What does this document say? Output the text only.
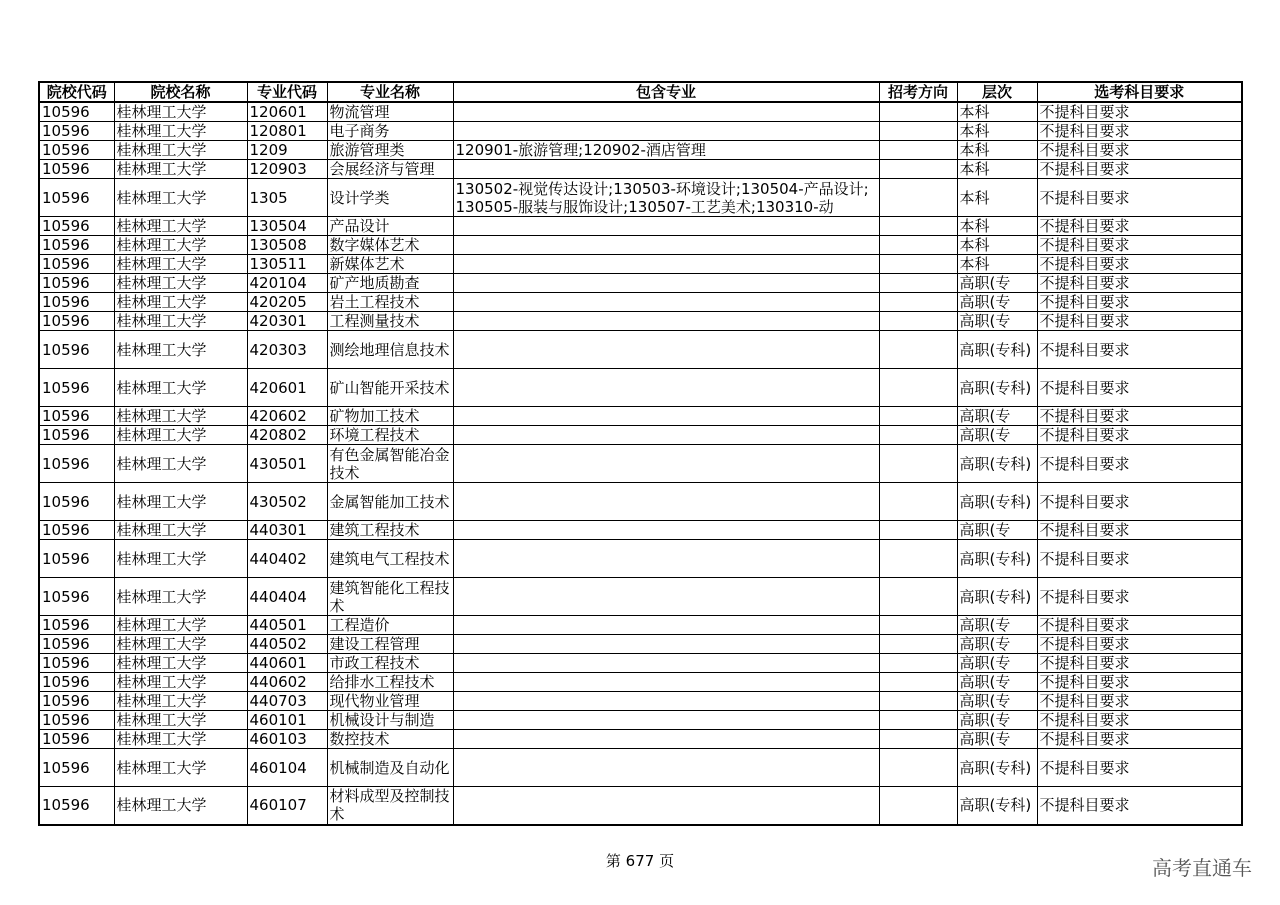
院校代码	院校名称	专业代码	专业名称	包含专业	招考方向	层次	选考科目要求
10596	桂林理工大学	120601	物流管理			本科	不提科目要求
10596	桂林理工大学	120801	电子商务			本科	不提科目要求
10596	桂林理工大学	1209	旅游管理类	120901-旅游管理;120902-酒店管理		本科	不提科目要求
10596	桂林理工大学	120903	会展经济与管理			本科	不提科目要求
10596	桂林理工大学	1305	设计学类	130502-视觉传达设计;130503-环境设计;130504-产品设计;130505-服装与服饰设计;130507-工艺美术;130310-动		本科	不提科目要求
10596	桂林理工大学	130504	产品设计			本科	不提科目要求
10596	桂林理工大学	130508	数字媒体艺术			本科	不提科目要求
10596	桂林理工大学	130511	新媒体艺术			本科	不提科目要求
10596	桂林理工大学	420104	矿产地质勘查			高职(专	不提科目要求
10596	桂林理工大学	420205	岩土工程技术			高职(专	不提科目要求
10596	桂林理工大学	420301	工程测量技术			高职(专	不提科目要求
10596	桂林理工大学	420303	测绘地理信息技术			高职(专科)	不提科目要求
10596	桂林理工大学	420601	矿山智能开采技术			高职(专科)	不提科目要求
10596	桂林理工大学	420602	矿物加工技术			高职(专	不提科目要求
10596	桂林理工大学	420802	环境工程技术			高职(专	不提科目要求
10596	桂林理工大学	430501	有色金属智能冶金技术			高职(专科)	不提科目要求
10596	桂林理工大学	430502	金属智能加工技术			高职(专科)	不提科目要求
10596	桂林理工大学	440301	建筑工程技术			高职(专	不提科目要求
10596	桂林理工大学	440402	建筑电气工程技术			高职(专科)	不提科目要求
10596	桂林理工大学	440404	建筑智能化工程技术			高职(专科)	不提科目要求
10596	桂林理工大学	440501	工程造价			高职(专	不提科目要求
10596	桂林理工大学	440502	建设工程管理			高职(专	不提科目要求
10596	桂林理工大学	440601	市政工程技术			高职(专	不提科目要求
10596	桂林理工大学	440602	给排水工程技术			高职(专	不提科目要求
10596	桂林理工大学	440703	现代物业管理			高职(专	不提科目要求
10596	桂林理工大学	460101	机械设计与制造			高职(专	不提科目要求
10596	桂林理工大学	460103	数控技术			高职(专	不提科目要求
10596	桂林理工大学	460104	机械制造及自动化			高职(专科)	不提科目要求
10596	桂林理工大学	460107	材料成型及控制技术			高职(专科)	不提科目要求
第 677 页	高考直通车
